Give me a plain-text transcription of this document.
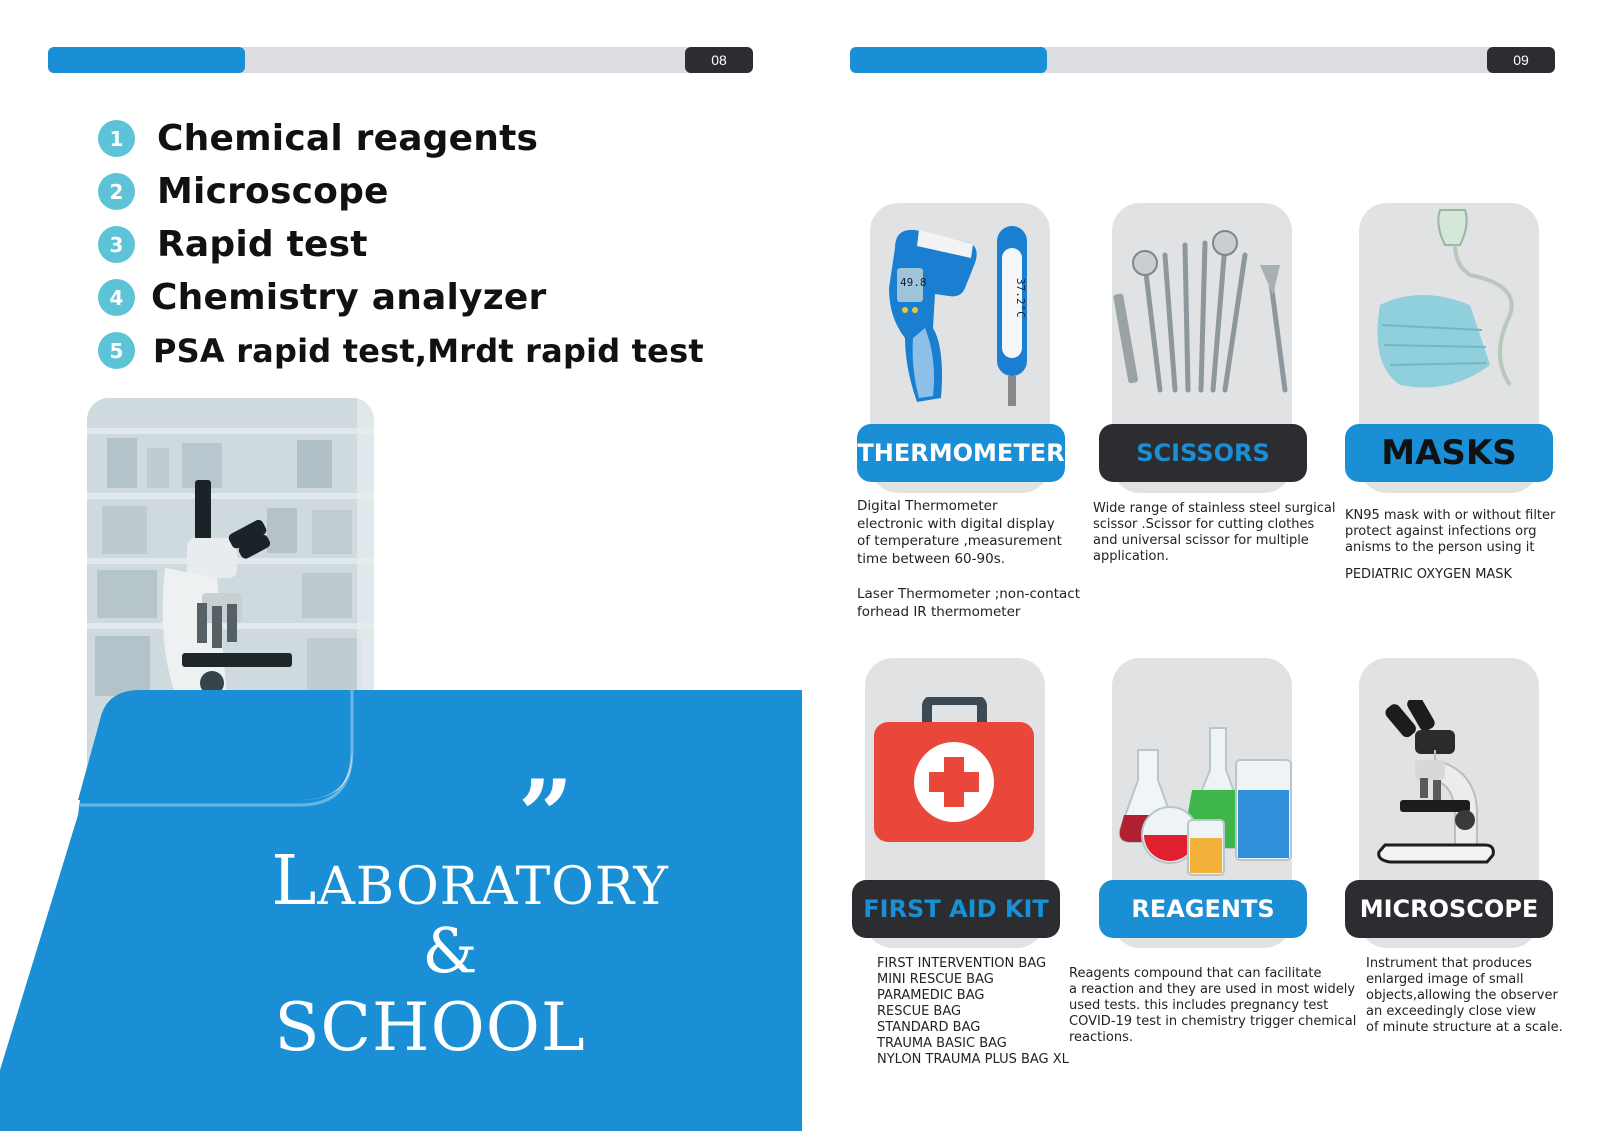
08	09
1 Chemical reagents
2 Microscope
3 Rapid test
4 Chemistry analyzer
5 PSA rapid test,Mrdt rapid test
”
LABORATORY
&
SCHOOL
49.8	37.2°C
THERMOMETER
Digital Thermometer
electronic with digital display
of temperature ,measurement
time between 60-90s.
Laser Thermometer ;non-contact
forhead IR thermometer
SCISSORS
Wide range of stainless steel surgical
scissor .Scissor for cutting clothes
and universal scissor for multiple
application.
MASKS
KN95 mask with or without filter
protect against infections org
anisms to the person using it
PEDIATRIC OXYGEN MASK
FIRST AID KIT
FIRST INTERVENTION BAG
MINI RESCUE BAG
PARAMEDIC BAG
RESCUE BAG
STANDARD BAG
TRAUMA BASIC BAG
NYLON TRAUMA PLUS BAG XL
REAGENTS
Reagents compound that can facilitate
a reaction and they are used in most widely
used tests. this includes pregnancy test
COVID-19 test in chemistry trigger chemical
reactions.
MICROSCOPE
Instrument that produces
enlarged image of small
objects,allowing the observer
an exceedingly close view
of minute structure at a scale.
